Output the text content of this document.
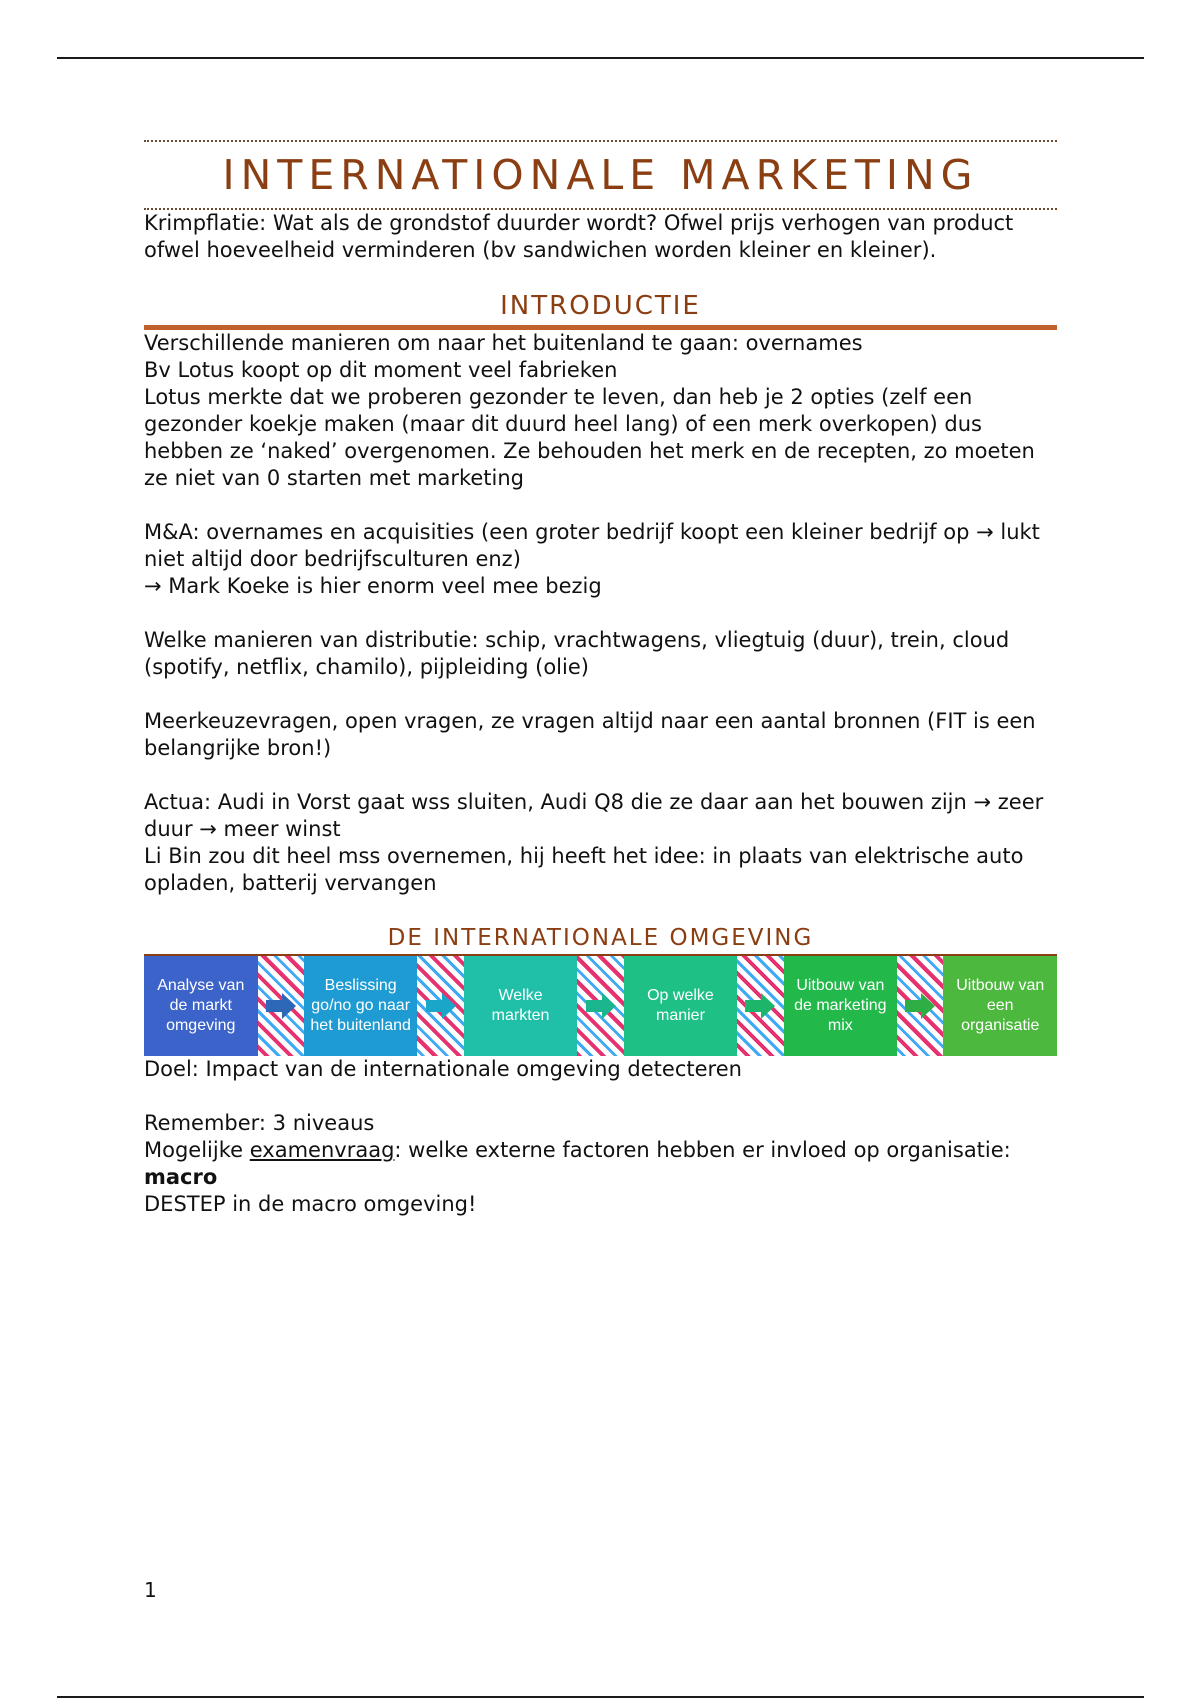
INTERNATIONALE MARKETING

Krimpflatie: Wat als de grondstof duurder wordt? Ofwel prijs verhogen van product ofwel hoeveelheid verminderen (bv sandwichen worden kleiner en kleiner).

INTRODUCTIE

Verschillende manieren om naar het buitenland te gaan: overnames

Bv Lotus koopt op dit moment veel fabrieken

Lotus merkte dat we proberen gezonder te leven, dan heb je 2 opties (zelf een gezonder koekje maken (maar dit duurd heel lang) of een merk overkopen) dus hebben ze ‘naked’ overgenomen. Ze behouden het merk en de recepten, zo moeten ze niet van 0 starten met marketing

M&A: overnames en acquisities (een groter bedrijf koopt een kleiner bedrijf op → lukt niet altijd door bedrijfsculturen enz)

→ Mark Koeke is hier enorm veel mee bezig

Welke manieren van distributie: schip, vrachtwagens, vliegtuig (duur), trein, cloud (spotify, netflix, chamilo), pijpleiding (olie)

Meerkeuzevragen, open vragen, ze vragen altijd naar een aantal bronnen (FIT is een belangrijke bron!)

Actua: Audi in Vorst gaat wss sluiten, Audi Q8 die ze daar aan het bouwen zijn → zeer duur → meer winst

Li Bin zou dit heel mss overnemen, hij heeft het idee: in plaats van elektrische auto opladen, batterij vervangen

DE INTERNATIONALE OMGEVING
Analyse van de markt omgeving
Beslissing go/no go naar het buitenland
Welke markten
Op welke manier
Uitbouw van de marketing mix
Uitbouw van een organisatie

Doel: Impact van de internationale omgeving detecteren

Remember: 3 niveaus

Mogelijke examenvraag: welke externe factoren hebben er invloed op organisatie: macro

DESTEP in de macro omgeving!

1
